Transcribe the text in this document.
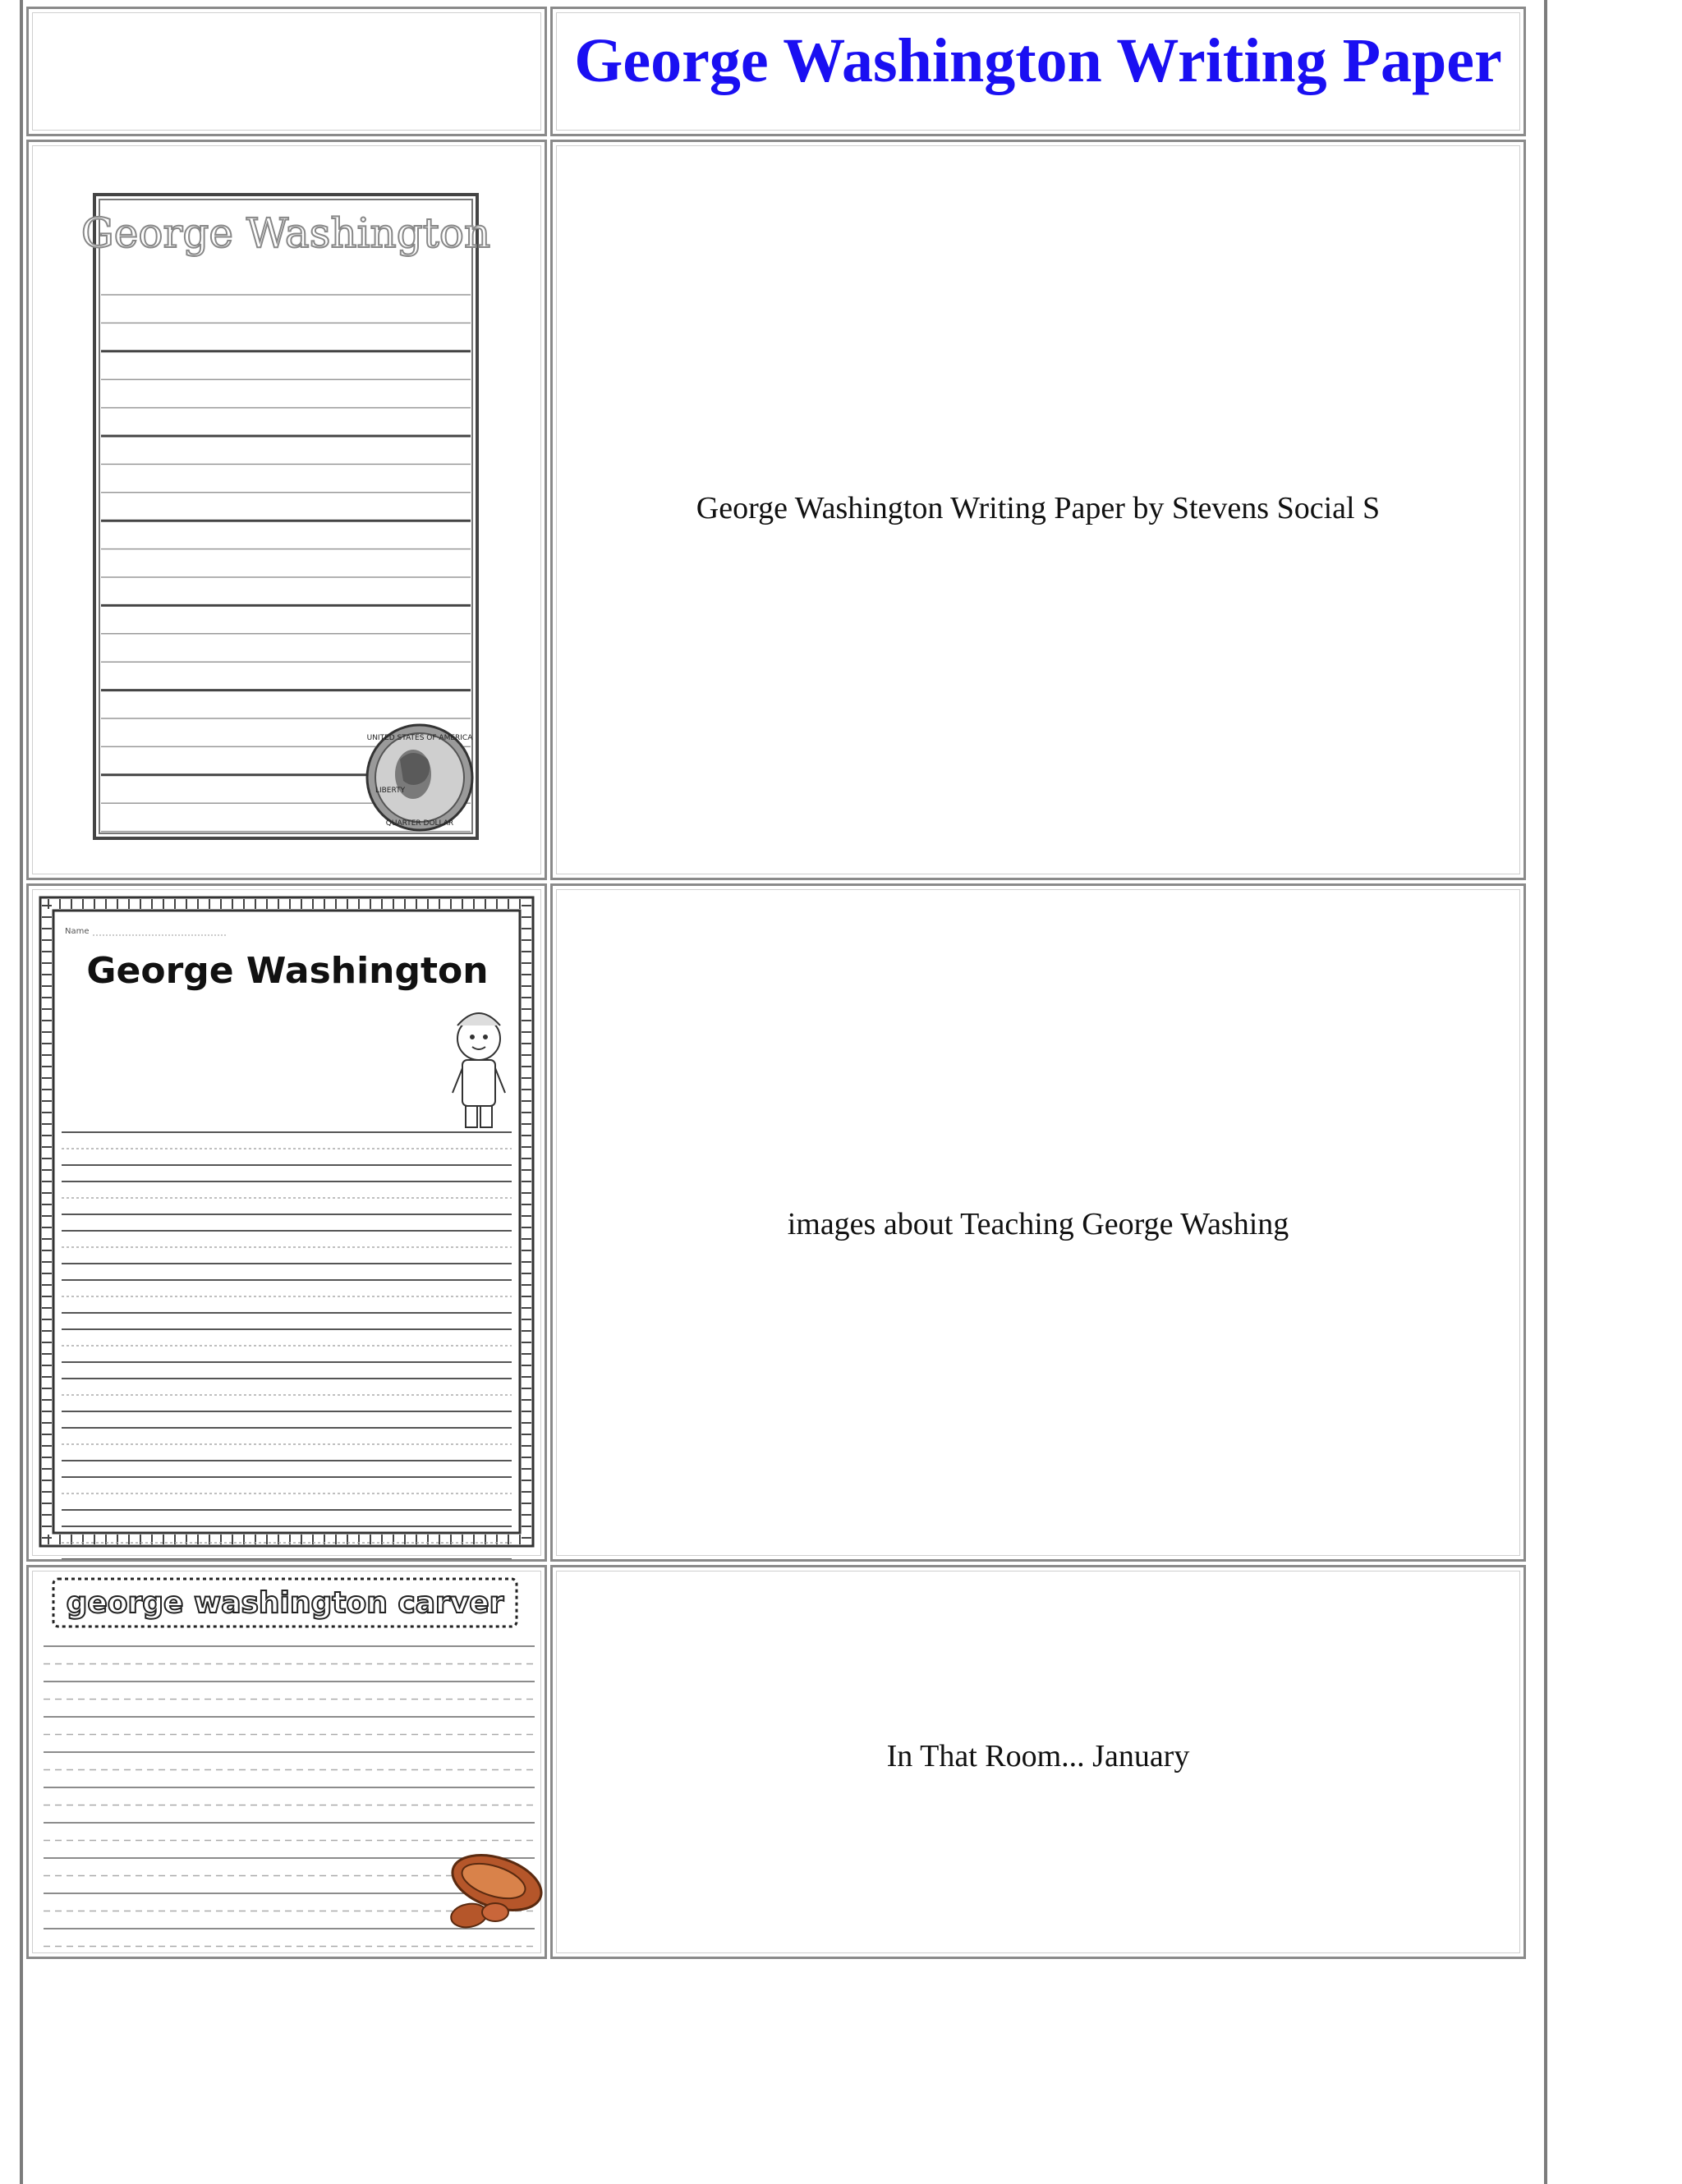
George Washington Writing Paper
George Washington
UNITED STATES OF AMERICA
LIBERTY
QUARTER DOLLAR
George Washington Writing Paper by Stevens Social S
Name
George Washington
images about Teaching George Washing
george washington carver
In That Room... January
